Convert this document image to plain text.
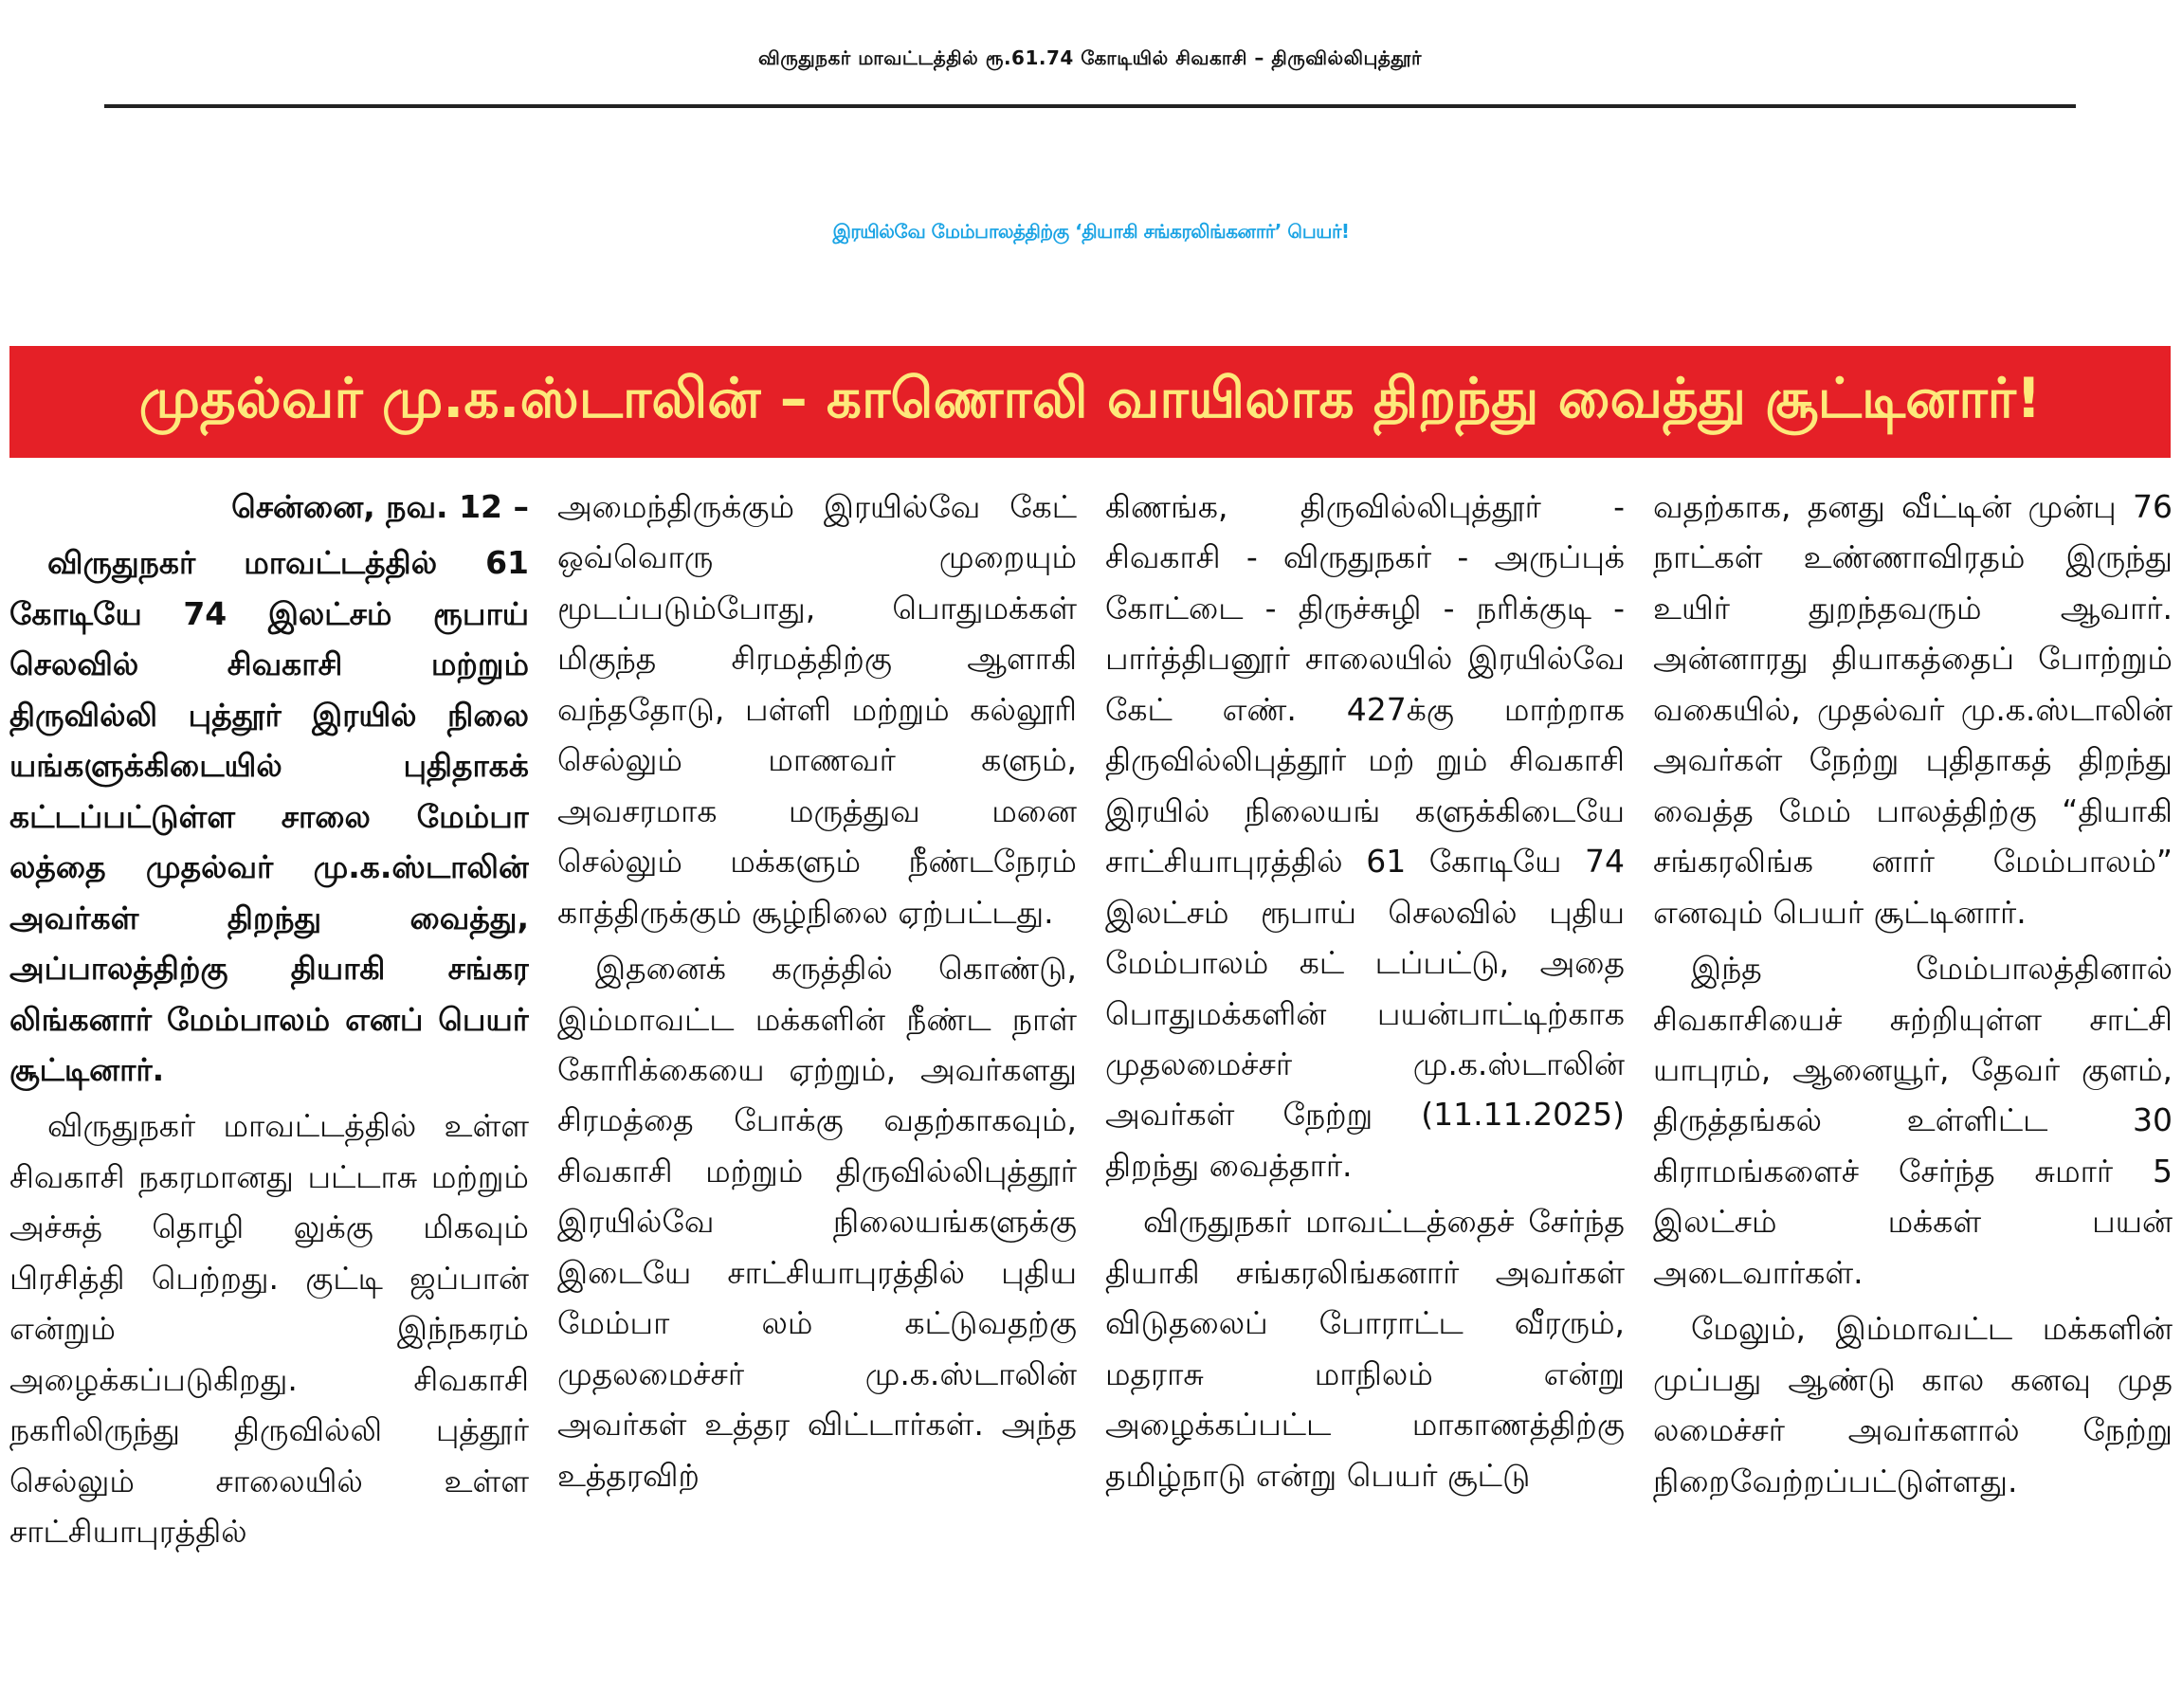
விருதுநகர் மாவட்டத்தில் ரூ.61.74 கோடியில் சிவகாசி – திருவில்லிபுத்தூர்
இரயில்வே மேம்பாலத்திற்கு ‘தியாகி சங்கரலிங்கனார்’ பெயர்!
முதல்வர் மு.க.ஸ்டாலின் – காணொலி வாயிலாக திறந்து வைத்து சூட்டினார்!

சென்னை, நவ. 12 –

விருதுநகர் மாவட்டத்தில் 61 கோடியே 74 இலட்சம் ரூபாய் செலவில் சிவகாசி மற்றும் திருவில்லி புத்தூர் இரயில் நிலை யங்களுக்கிடையில் புதிதாகக் கட்டப்பட்டுள்ள சாலை மேம்பா லத்தை முதல்வர் மு.க.ஸ்டாலின் அவர்கள் திறந்து வைத்து, அப்பாலத்திற்கு தியாகி சங்கர லிங்கனார் மேம்பாலம் எனப் பெயர் சூட்டினார்.

விருதுநகர் மாவட்டத்தில் உள்ள சிவகாசி நகரமானது பட்டாசு மற்றும் அச்சுத் தொழி லுக்கு மிகவும் பிரசித்தி பெற்றது. குட்டி ஜப்பான் என்றும் இந்நகரம் அழைக்கப்படுகிறது. சிவகாசி நகரிலிருந்து திருவில்லி புத்தூர் செல்லும் சாலையில் உள்ள சாட்சியாபுரத்தில்

அமைந்திருக்கும் இரயில்வே கேட் ஒவ்வொரு முறையும் மூடப்படும்போது, பொதுமக்கள் மிகுந்த சிரமத்திற்கு ஆளாகி வந்ததோடு, பள்ளி மற்றும் கல்லூரி செல்லும் மாணவர் களும், அவசரமாக மருத்துவ மனை செல்லும் மக்களும் நீண்டநேரம் காத்திருக்கும் சூழ்நிலை ஏற்பட்டது.

இதனைக் கருத்தில் கொண்டு, இம்மாவட்ட மக்களின் நீண்ட நாள் கோரிக்கையை ஏற்றும், அவர்களது சிரமத்தை போக்கு வதற்காகவும், சிவகாசி மற்றும் திருவில்லிபுத்தூர் இரயில்வே நிலையங்களுக்கு இடையே சாட்சியாபுரத்தில் புதிய மேம்பா லம் கட்டுவதற்கு முதலமைச்சர் மு.க.ஸ்டாலின் அவர்கள் உத்தர விட்டார்கள். அந்த உத்தரவிற்

கிணங்க, திருவில்லிபுத்தூர் - சிவகாசி - விருதுநகர் - அருப்புக் கோட்டை - திருச்சுழி - நரிக்குடி - பார்த்திபனூர் சாலையில் இரயில்வே கேட் எண். 427க்கு மாற்றாக திருவில்லிபுத்தூர் மற் றும் சிவகாசி இரயில் நிலையங் களுக்கிடையே சாட்சியாபுரத்தில் 61 கோடியே 74 இலட்சம் ரூபாய் செலவில் புதிய மேம்பாலம் கட் டப்பட்டு, அதை பொதுமக்களின் பயன்பாட்டிற்காக முதலமைச்சர் மு.க.ஸ்டாலின் அவர்கள் நேற்று (11.11.2025) திறந்து வைத்தார்.

விருதுநகர் மாவட்டத்தைச் சேர்ந்த தியாகி சங்கரலிங்கனார் அவர்கள் விடுதலைப் போராட்ட வீரரும், மதராசு மாநிலம் என்று அழைக்கப்பட்ட மாகாணத்திற்கு தமிழ்நாடு என்று பெயர் சூட்டு

வதற்காக, தனது வீட்டின் முன்பு 76 நாட்கள் உண்ணாவிரதம் இருந்து உயிர் துறந்தவரும் ஆவார். அன்னாரது தியாகத்தைப் போற்றும் வகையில், முதல்வர் மு.க.ஸ்டாலின் அவர்கள் நேற்று புதிதாகத் திறந்து வைத்த மேம் பாலத்திற்கு “தியாகி சங்கரலிங்க னார் மேம்பாலம்” எனவும் பெயர் சூட்டினார்.

இந்த மேம்பாலத்தினால் சிவகாசியைச் சுற்றியுள்ள சாட்சி யாபுரம், ஆனையூர், தேவர் குளம், திருத்தங்கல் உள்ளிட்ட 30 கிராமங்களைச் சேர்ந்த சுமார் 5 இலட்சம் மக்கள் பயன் அடைவார்கள்.

மேலும், இம்மாவட்ட மக்களின் முப்பது ஆண்டு கால கனவு முத லமைச்சர் அவர்களால் நேற்று நிறைவேற்றப்பட்டுள்ளது.
